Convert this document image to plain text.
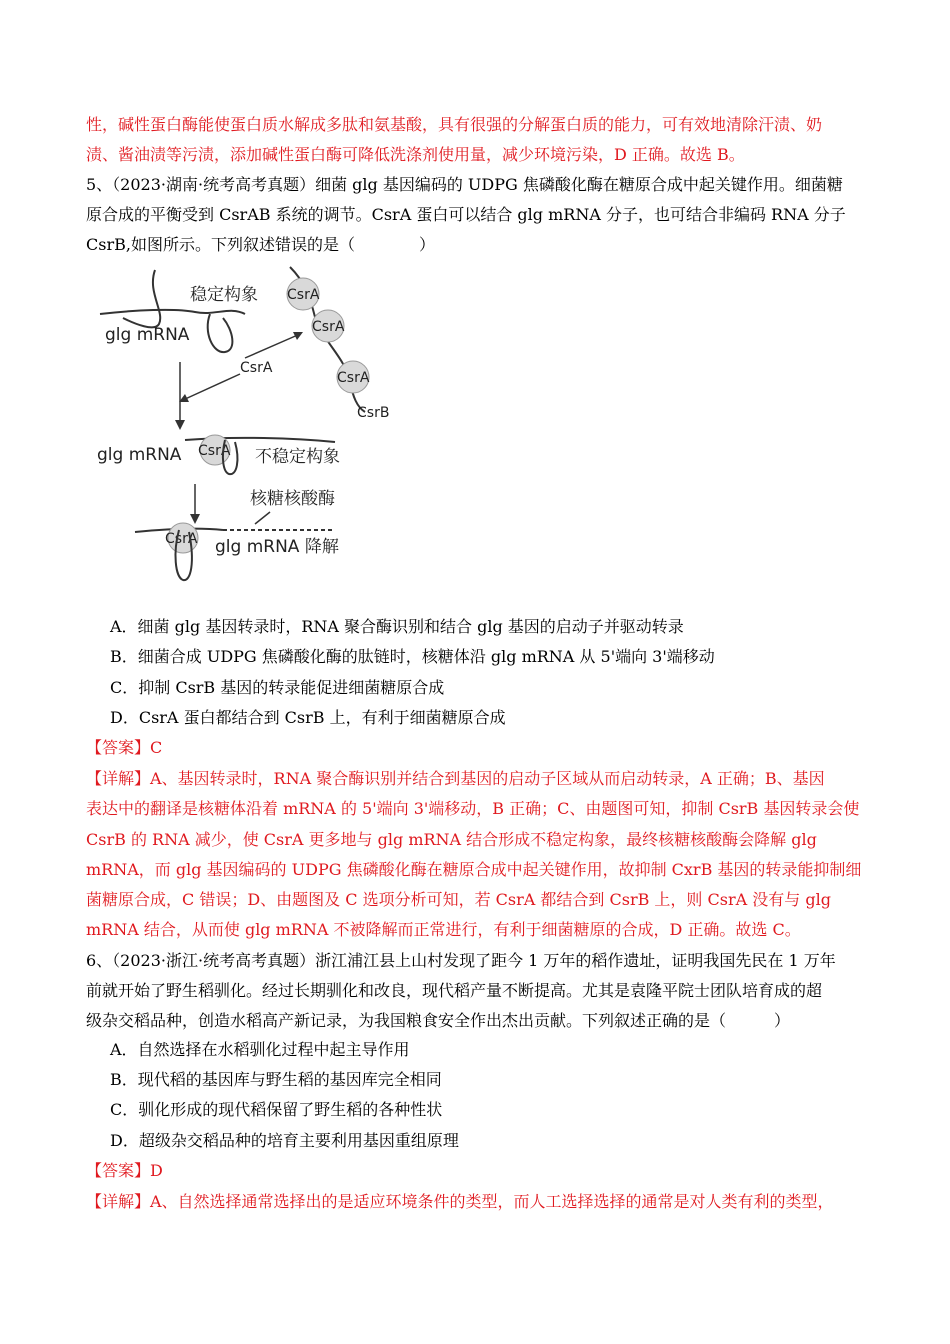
性，碱性蛋白酶能使蛋白质水解成多肽和氨基酸，具有很强的分解蛋白质的能力，可有效地清除汗渍、奶
渍、酱油渍等污渍，添加碱性蛋白酶可降低洗涤剂使用量，减少环境污染，D 正确。故选 B。
5、（2023·湖南·统考高考真题）细菌 glg 基因编码的 UDPG 焦磷酸化酶在糖原合成中起关键作用。细菌糖
原合成的平衡受到 CsrAB 系统的调节。CsrA 蛋白可以结合 glg mRNA 分子，也可结合非编码 RNA 分子
CsrB,如图所示。下列叙述错误的是（　　　　）
稳定构象
glg mRNA
CsrA
CsrA
CsrA
CsrB
CsrA
glg mRNA CsrA 不稳定构象
核糖核酸酶
CsrA glg mRNA 降解
A．细菌 glg 基因转录时，RNA 聚合酶识别和结合 glg 基因的启动子并驱动转录
B．细菌合成 UDPG 焦磷酸化酶的肽链时，核糖体沿 glg mRNA 从 5'端向 3'端移动
C．抑制 CsrB 基因的转录能促进细菌糖原合成
D．CsrA 蛋白都结合到 CsrB 上，有利于细菌糖原合成
【答案】C
【详解】A、基因转录时，RNA 聚合酶识别并结合到基因的启动子区域从而启动转录，A 正确；B、基因
表达中的翻译是核糖体沿着 mRNA 的 5'端向 3'端移动，B 正确；C、由题图可知，抑制 CsrB 基因转录会使
CsrB 的 RNA 减少，使 CsrA 更多地与 glg mRNA 结合形成不稳定构象，最终核糖核酸酶会降解 glg
mRNA，而 glg 基因编码的 UDPG 焦磷酸化酶在糖原合成中起关键作用，故抑制 CxrB 基因的转录能抑制细
菌糖原合成，C 错误；D、由题图及 C 选项分析可知，若 CsrA 都结合到 CsrB 上，则 CsrA 没有与 glg
mRNA 结合，从而使 glg mRNA 不被降解而正常进行，有利于细菌糖原的合成，D 正确。故选 C。
6、（2023·浙江·统考高考真题）浙江浦江县上山村发现了距今 1 万年的稻作遗址，证明我国先民在 1 万年
前就开始了野生稻驯化。经过长期驯化和改良，现代稻产量不断提高。尤其是袁隆平院士团队培育成的超
级杂交稻品种，创造水稻高产新记录，为我国粮食安全作出杰出贡献。下列叙述正确的是（　　　）
A．自然选择在水稻驯化过程中起主导作用
B．现代稻的基因库与野生稻的基因库完全相同
C．驯化形成的现代稻保留了野生稻的各种性状
D．超级杂交稻品种的培育主要利用基因重组原理
【答案】D
【详解】A、自然选择通常选择出的是适应环境条件的类型，而人工选择选择的通常是对人类有利的类型，
